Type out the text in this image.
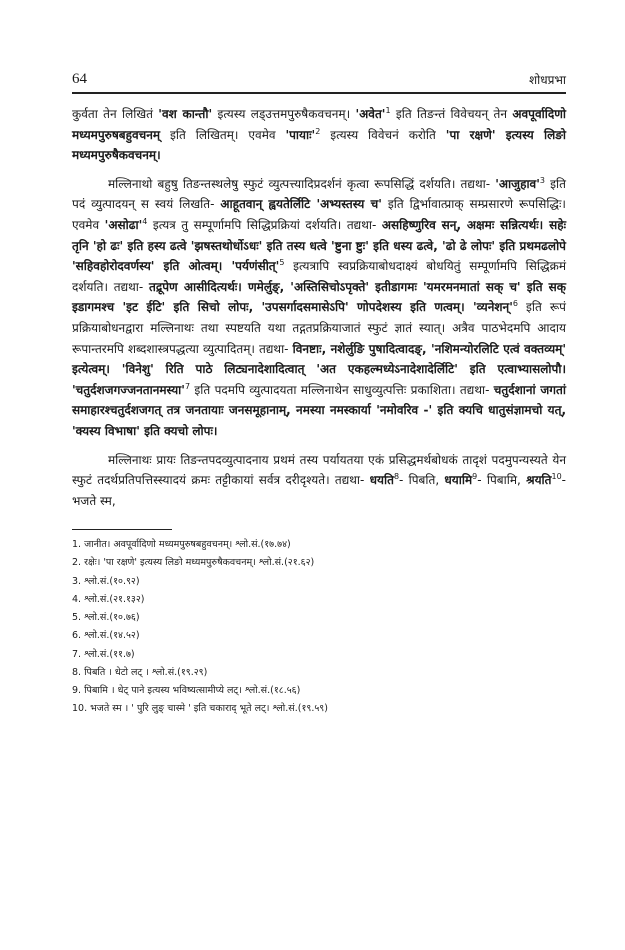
64	शोधप्रभा

कुर्वता तेन लिखितं 'वश कान्तौ' इत्यस्य लड्उत्तमपुरुषैकवचनम्। '$अवेत'^1$ इति तिङन्तं विवेचयन् तेन अवपूर्वादिणो मध्यमपुरुषबहुवचनम् इति लिखितम्। एवमेव '$पायाः'^2$ इत्यस्य विवेचनं करोति 'पा रक्षणे' इत्यस्य लिङो मध्यमपुरुषैकवचनम्।

मल्लिनाथो बहुषु तिङन्तस्थलेषु स्फुटं व्युत्पत्त्यादिप्रदर्शनं कृत्वा रूपसिद्धिं दर्शयति। तद्यथा- '$आजुहाव'^3$ इति पदं व्युत्पादयन् स स्वयं लिखति- आहूतवान् ह्वयतेर्लिटि 'अभ्यस्तस्य च' इति द्विर्भावात्प्राक् सम्प्रसारणे रूपसिद्धिः। एवमेव '$असोढा'^4$ इत्यत्र तु सम्पूर्णामपि सिद्धिप्रक्रियां दर्शयति। तद्यथा- असहिष्णुरिव सन्, अक्षमः सन्नित्यर्थः। सहेः तृनि 'हो ढः' इति हस्य ढत्वे 'झषस्तथोर्धोऽधः' इति तस्य धत्वे 'ष्टुना ष्टुः' इति धस्य ढत्वे, 'ढो ढे लोपः' इति प्रथमढलोपे 'सहिवहोरोदवर्णस्य' इति ओत्वम्। '$पर्यणंसीत्'^5$ इत्यत्रापि स्वप्रक्रियाबोधदाक्ष्यं बोधयितुं सम्पूर्णामपि सिद्धिक्रमं दर्शयति। तद्यथा- तद्रूपेण आसीदित्यर्थः। णमेर्लुङ्, 'अस्तिसिचोऽपृक्ते' इतीडागमः 'यमरमनमातां सक् च' इति सक् इडागमश्च 'इट ईटि' इति सिचो लोपः, 'उपसर्गादसमासेऽपि' णोपदेशस्य इति णत्वम्। '$व्यनेशन्'^6$ इति रूपं प्रक्रियाबोधनद्वारा मल्लिनाथः तथा स्पष्टयति यथा तद्गतप्रक्रियाजातं स्फुटं ज्ञातं स्यात्। अत्रैव पाठभेदमपि आदाय रूपान्तरमपि शब्दशास्त्रपद्धत्या व्युत्पादितम्। तद्यथा- विनष्टाः, नशेर्लुङि पुषादित्वादङ्, 'नशिमन्योरलिटि एत्वं वक्तव्यम्' इत्येत्वम्। 'विनेशु' रिति पाठे लिट्यनादेशादित्वात् 'अत एकहल्मध्येऽनादेशादेर्लिटि' इति एत्वाभ्यासलोपौ। '$चतुर्दशजगज्जनतानमस्या'^7$ इति पदमपि व्युत्पादयता मल्लिनाथेन साधुव्युत्पत्तिः प्रकाशिता। तद्यथा- चतुर्दशानां जगतां समाहारश्चतुर्दशजगत् तत्र जनतायाः जनसमूहानाम्, नमस्या नमस्कार्या 'नमोवरिव -' इति क्यचि धातुसंज्ञामचो यत्, 'क्यस्य विभाषा' इति क्यचो लोपः।

मल्लिनाथः प्रायः तिङन्तपदव्युत्पादनाय प्रथमं तस्य पर्यायतया एकं प्रसिद्धमर्थबोधकं तादृशं पदमुपन्यस्यते येन स्फुटं तदर्थप्रतिपत्तिस्स्यादयं क्रमः तट्टीकायां सर्वत्र दरीदृश्यते। तद्यथा- धयति$^8$- पिबति, धयामि$^9$- पिबामि, श्रयति$^{10}$- भजते स्म,

1. जानीत। अवपूर्वादिणो मध्यमपुरुषबहुवचनम्। श्लो.सं.(१७.७४)
2. रक्षेः। 'पा रक्षणे' इत्यस्य लिङो मध्यमपुरुषैकवचनम्। श्लो.सं.(२१.६२)
3. श्लो.सं.(१०.९२)
4. श्लो.सं.(२१.१३२)
5. श्लो.सं.(१०.७६)
6. श्लो.सं.(१४.५२)
7. श्लो.सं.(११.७)
8. पिबति । धेटो लट् । श्लो.सं.(१९.२९)
9. पिबामि । धेट् पाने इत्यस्य भविष्यत्सामीप्ये लट्। श्लो.सं.(१८.५६)
10. भजते स्म । ' पुरि लुङ् चास्मे ' इति चकाराद् भूते लट्। श्लो.सं.(१९.५९)
